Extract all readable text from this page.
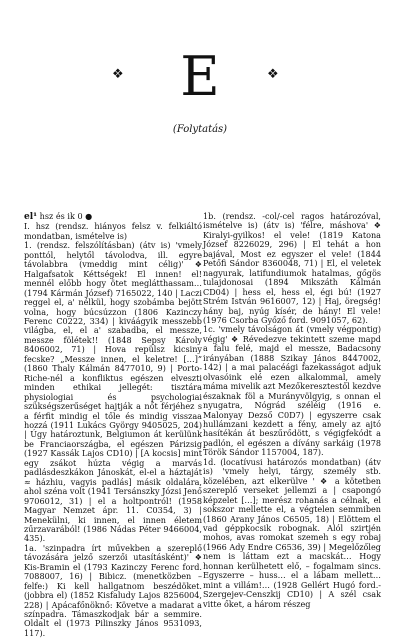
❖	E	❖
(Folytatás)

el¹ hsz és ik 0 ●

I. hsz (rendsz. hiányos felsz v. felkiáltó mondatban, ismételve is)

1. (rendsz. felszólításban) (átv is) 'vmely ponttól, helytől távolodva, ill. egyre távolabbra (vmeddig mint célig)' ❖ Halgafsatok Kéttségek! El innen! el! mennél előbb hogy ötet meglátthassam… (1794 Kármán József) 7165022, 140 | Laczi reggel el, a' nélkül, hogy szobámba bejött volna, hogy búcsúzzon (1806 Kazinczy Ferenc C0222, 334) | kiváágyik messzebb világba, el, el a' szabadba, el messze, messze fölétek!! (1848 Sepsy Károly 8406002, 71) | Hova repülsz kicsiny fecske? „Messze innen, el keletre! […]” (1860 Thaly Kálmán 8477010, 9) | Porto-Riche-nél a konfliktus egészen elveszti minden ethikai jellegét: tisztára physiologiai és psychologiai szükségszerűséget hajtják a nőt férjéhez s a férfit mindig el tőle és mindig visszaa hozzá (1911 Lukács György 9405025, 204) | Úgy határoztunk, Belgiumon át kerülünk be Franciaországba, el egészen Párizsig (1927 Kassák Lajos CD10) | [A kocsis] mint egy zsákot húzta végig a marvás padlásdeszkákon Jánoskát, el-el a háztaját ≈ házhiu, vagyis padlás] másik oldalára, ahol széna volt (1941 Tersánszky Józsi Jenő 9706012, 31) | el a holtpontról! (1958 Magyar Nemzet ápr. 11. C0354, 3) | Menekülni, ki innen, el innen életem zűrzavarából! (1986 Nádas Péter 9466004, 435).

1a. 'szinpadra írt művekben a szereplő távozására jelző szerzői utasításként)' ❖ Kis-Bramin el (1793 Kazinczy Ferenc ford. 7088007, 16) | Bibicz. (menetközben – felfe:) Ki kell hallgatnom beszédöket. (jobbra el) (1852 Kisfaludy Lajos 8256004, 228) | Apácafőnöknő: Követve a madarat a színpadra. Támaszkodjak bár a semmire. Oldalt el (1973 Pilinszky János 9531093, 117).

1b. (rendsz. -col/-cel ragos határozóval, ismételve is) (átv is) 'félre, máshova' ❖ Kiralyi-gyilkos! el vele! (1819 Katona József 8226029, 296) | El tehát a hon bajával, Most ez egyszer el vele! (1844 Petőfi Sándor 8360048, 71) | El, el veletek nagyurak, latifundiumok hatalmas, gőgös tulajdonosai (1894 Mikszáth Kálmán CD04) | hess el, hess el, égi bú! (1927 Strém István 9616007, 12) | Haj, öregség! hány baj, nyúg kísér, de hány! El vele! (1976 Csorba Győző ford. 9091057, 62).

1c. 'vmely távolságon át (vmely végpontig) végig' ❖ Révedezve tekintett szeme mapd a falu felé, majd el messze, Badacsony irányában (1888 Szikay János 8447002, 142) | a mai palacéági fazekasságot adjuk olvasóink elé ezen alkalommal, amely máma mivelik azt Mezőkeresztestől kezdve északnak föl a Murányvölgyig, s onnan el nyugatra, Nógrád széléig (1916 e. Malonyay Dezső C0D7) | egyszerre csak hullámzani kezdett a fény, amely az ajtó hasítékán át beszűrődött, s végigfekódt a padlón, el egészen a dívány sarkáig (1978 Török Sándor 1157004, 187).

1d. (locatívusi határozós mondatban) (átv is) 'vmely helyi, tárgy, személy stb. közelében, azt elkerülve ' ❖ a kötetben szereplő verseket jellemzi a | csapongó képzelet […]; merész rohanás a célnak, el sokszor mellette el, a végtelen semmiben (1860 Arany János C6505, 18) | Elöttem el vad géppkocsik robognak. Alól szirtjén mohos, avas romokat szemeh s egy robaj (1966 Ady Endre C6536, 39) | Megelőzőleg nem is láttam ezt a macskát… Hogy honnan kerülhetett elő, – fogalmam sincs. Egyszerre – huss… el a lábam mellett… mint a villám!… (1928 Gellért Hugó ford.-Szergejev-Censzkij CD10) | A szél csak vitte őket, a három részeg
